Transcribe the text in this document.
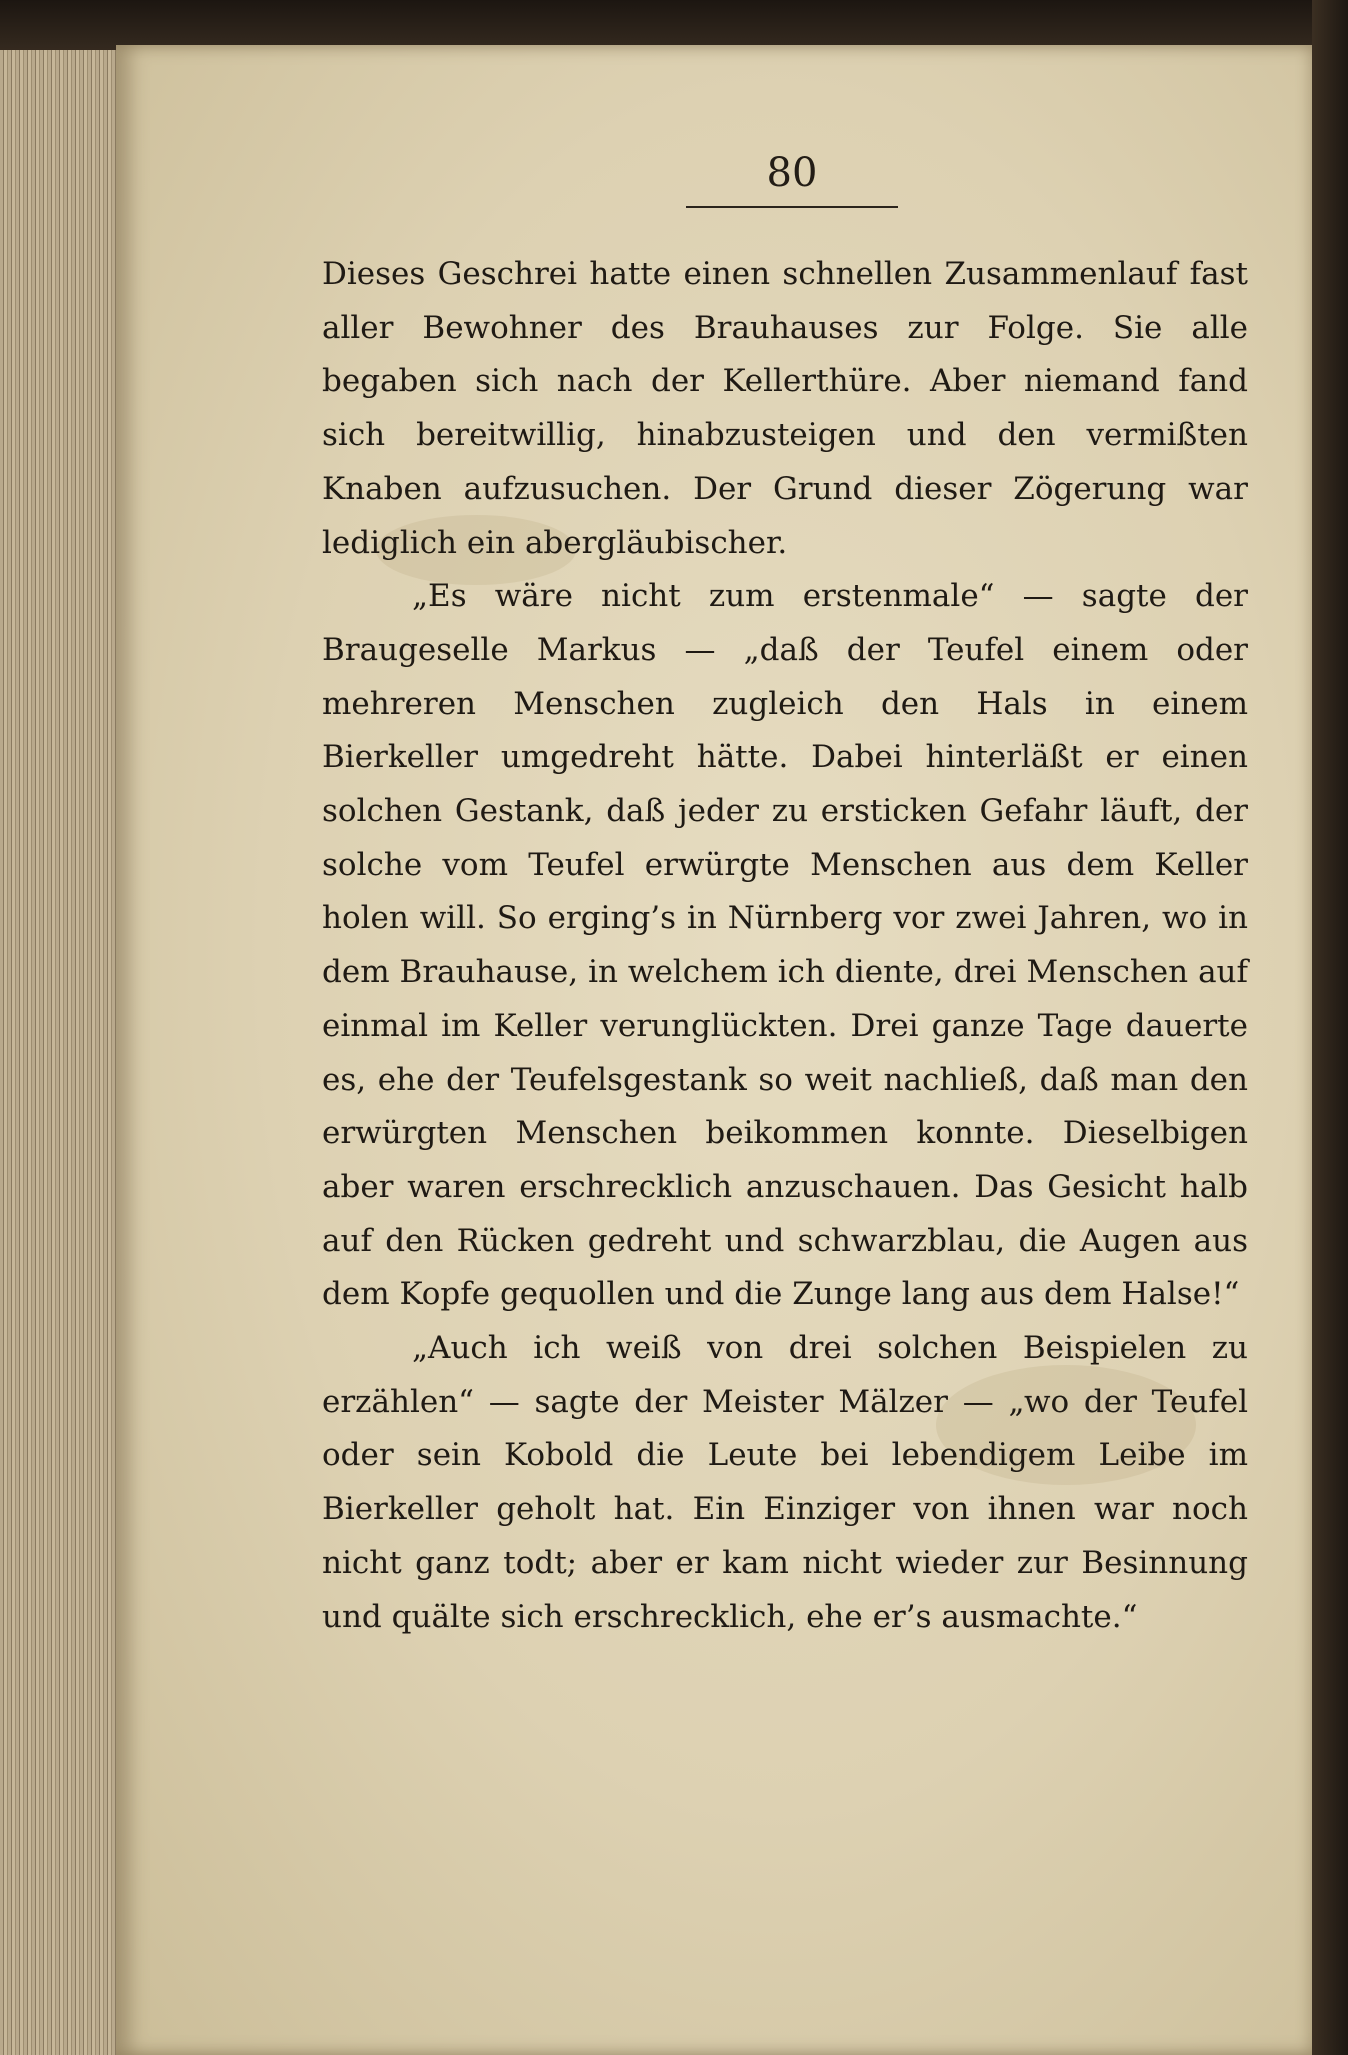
80

Dieses Geschrei hatte einen schnellen Zusammenlauf fast aller Bewohner des Brauhauses zur Folge. Sie alle begaben sich nach der Kellerthüre. Aber niemand fand sich bereitwillig, hinabzusteigen und den vermißten Knaben aufzusuchen. Der Grund dieser Zögerung war lediglich ein abergläubischer.

„Es wäre nicht zum erstenmale“ — sagte der Braugeselle Markus — „daß der Teufel einem oder mehreren Menschen zugleich den Hals in einem Bierkeller umgedreht hätte. Dabei hinterläßt er einen solchen Gestank, daß jeder zu ersticken Gefahr läuft, der solche vom Teufel erwürgte Menschen aus dem Keller holen will. So erging’s in Nürnberg vor zwei Jahren, wo in dem Brauhause, in welchem ich diente, drei Menschen auf einmal im Keller verunglückten. Drei ganze Tage dauerte es, ehe der Teufelsgestank so weit nachließ, daß man den erwürgten Menschen beikommen konnte. Dieselbigen aber waren erschrecklich anzuschauen. Das Gesicht halb auf den Rücken gedreht und schwarzblau, die Augen aus dem Kopfe gequollen und die Zunge lang aus dem Halse!“

„Auch ich weiß von drei solchen Beispielen zu erzählen“ — sagte der Meister Mälzer — „wo der Teufel oder sein Kobold die Leute bei lebendigem Leibe im Bierkeller geholt hat. Ein Einziger von ihnen war noch nicht ganz todt; aber er kam nicht wieder zur Besinnung und quälte sich erschrecklich, ehe er’s ausmachte.“
